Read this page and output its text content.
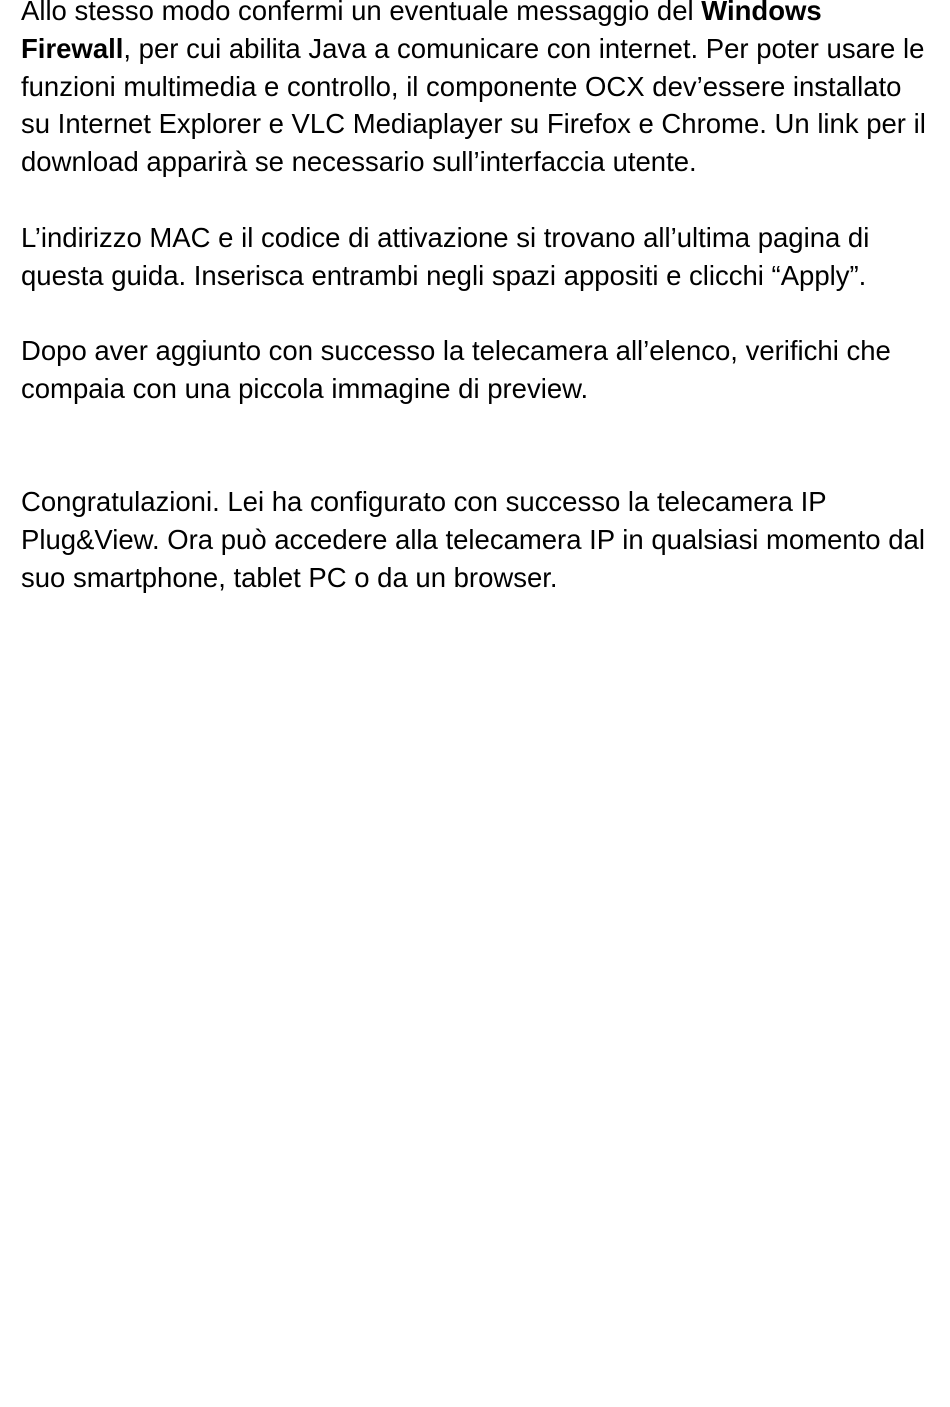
Allo stesso modo confermi un eventuale messaggio del Windows Firewall, per cui abilita Java a comunicare con internet. Per poter usare le funzioni multimedia e controllo, il componente OCX dev’essere installato su Internet Explorer e VLC Mediaplayer su Firefox e Chrome. Un link per il download apparirà se necessario sull’interfaccia utente.

L’indirizzo MAC e il codice di attivazione si trovano all’ultima pagina di questa guida. Inserisca entrambi negli spazi appositi e clicchi “Apply”.

Dopo aver aggiunto con successo la telecamera all’elenco, verifichi che compaia con una piccola immagine di preview.

Congratulazioni. Lei ha configurato con successo la telecamera IP Plug&View. Ora può accedere alla telecamera IP in qualsiasi momento dal suo smartphone, tablet PC o da un browser.
